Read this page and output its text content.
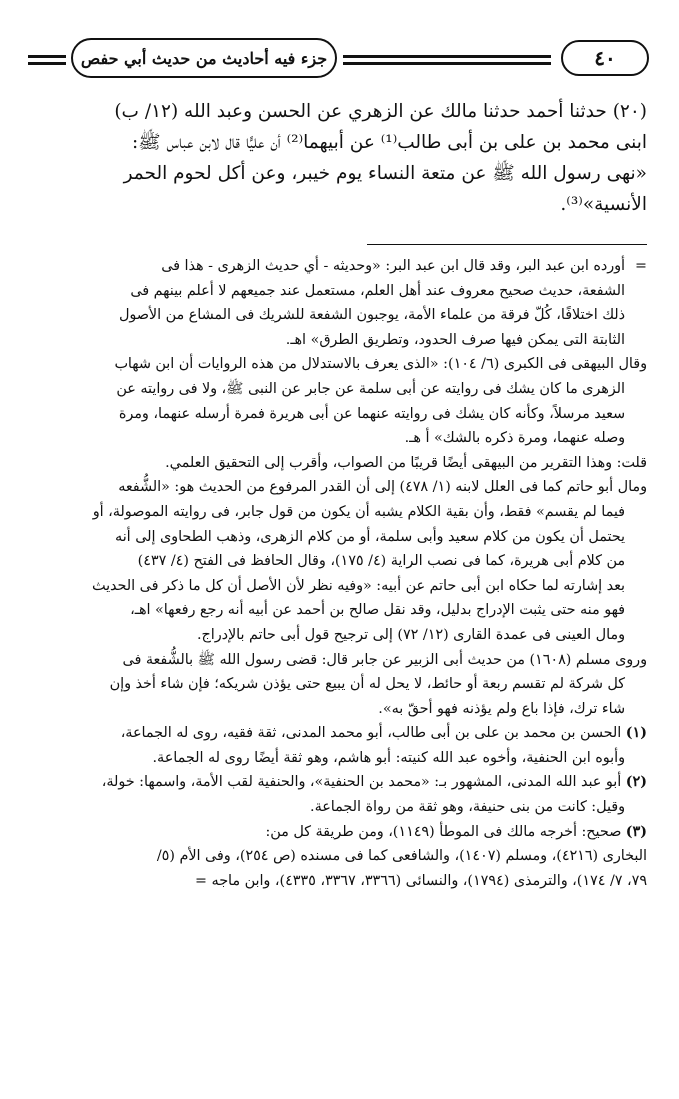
جزء فيه أحاديث من حديث أبي حفص	٤٠

(٢٠) حدثنا أحمد حدثنا مالك عن الزهري عن الحسن وعبد الله (١٢/ ب)

ابنى محمد بن على بن أبى طالب⁽¹⁾ عن أبيهما⁽²⁾ أن عليًّا قال لابن عباس ﷺ:

«نهى رسول الله ﷺ عن متعة النساء يوم خيبر، وعن أكل لحوم الحمر

الأنسية»⁽³⁾.

=

أورده ابن عبد البر، وقد قال ابن عبد البر: «وحديثه - أي حديث الزهرى - هذا فى

الشفعة، حديث صحيح معروف عند أهل العلم، مستعمل عند جميعهم لا أعلم بينهم فى

ذلك اختلافًا، كُلّ فرقة من علماء الأمة، يوجبون الشفعة للشريك فى المشاع من الأصول

الثابتة التى يمكن فيها صرف الحدود، وتطريق الطرق» اهـ.

وقال البيهقى فى الكبرى (٦/ ١٠٤): «الذى يعرف بالاستدلال من هذه الروايات أن ابن شهاب

الزهرى ما كان يشك فى روايته عن أبى سلمة عن جابر عن النبى ﷺ، ولا فى روايته عن

سعيد مرسلاً، وكأنه كان يشك فى روايته عنهما عن أبى هريرة فمرة أرسله عنهما، ومرة

وصله عنهما، ومرة ذكره بالشك» أ هـ.

قلت: وهذا التقرير من البيهقى أيضًا قريبًا من الصواب، وأقرب إلى التحقيق العلمي.

ومال أبو حاتم كما فى العلل لابنه (١/ ٤٧٨) إلى أن القدر المرفوع من الحديث هو: «الشُّفعه

فيما لم يقسم» فقط، وأن بقية الكلام يشبه أن يكون من قول جابر، فى روايته الموصولة، أو

يحتمل أن يكون من كلام سعيد وأبى سلمة، أو من كلام الزهرى، وذهب الطحاوى إلى أنه

من كلام أبى هريرة، كما فى نصب الراية (٤/ ١٧٥)، وقال الحافظ فى الفتح (٤/ ٤٣٧)

بعد إشارته لما حكاه ابن أبى حاتم عن أبيه: «وفيه نظر لأن الأصل أن كل ما ذكر فى الحديث

فهو منه حتى يثبت الإدراج بدليل، وقد نقل صالح بن أحمد عن أبيه أنه رجع رفعها» اهـ،

ومال العينى فى عمدة القارى (١٢/ ٧٢) إلى ترجيح قول أبى حاتم بالإدراج.

وروى مسلم (١٦٠٨) من حديث أبى الزبير عن جابر قال: قضى رسول الله ﷺ بالشُّفعة فى

كل شركة لم تقسم ربعة أو حائط، لا يحل له أن يبيع حتى يؤذن شريكه؛ فإن شاء أخذ وإن

شاء ترك، فإذا باع ولم يؤذنه فهو أحقّ به».

(١) الحسن بن محمد بن على بن أبى طالب، أبو محمد المدنى، ثقة فقيه، روى له الجماعة،

وأبوه ابن الحنفية، وأخوه عبد الله كنيته: أبو هاشم، وهو ثقة أيضًا روى له الجماعة.

(٢) أبو عبد الله المدنى، المشهور بـ: «محمد بن الحنفية»، والحنفية لقب الأمة، واسمها: خولة،

وقيل: كانت من بنى حنيفة، وهو ثقة من رواة الجماعة.

(٣) صحيح: أخرجه مالك فى الموطأ (١١٤٩)، ومن طريقة كل من:

البخارى (٤٢١٦)، ومسلم (١٤٠٧)، والشافعى كما فى مسنده (ص ٢٥٤)، وفى الأم (٥/

٧٩، ٧/ ١٧٤)، والترمذى (١٧٩٤)، والنسائى (٣٣٦٦، ٣٣٦٧، ٤٣٣٥)، وابن ماجه =
